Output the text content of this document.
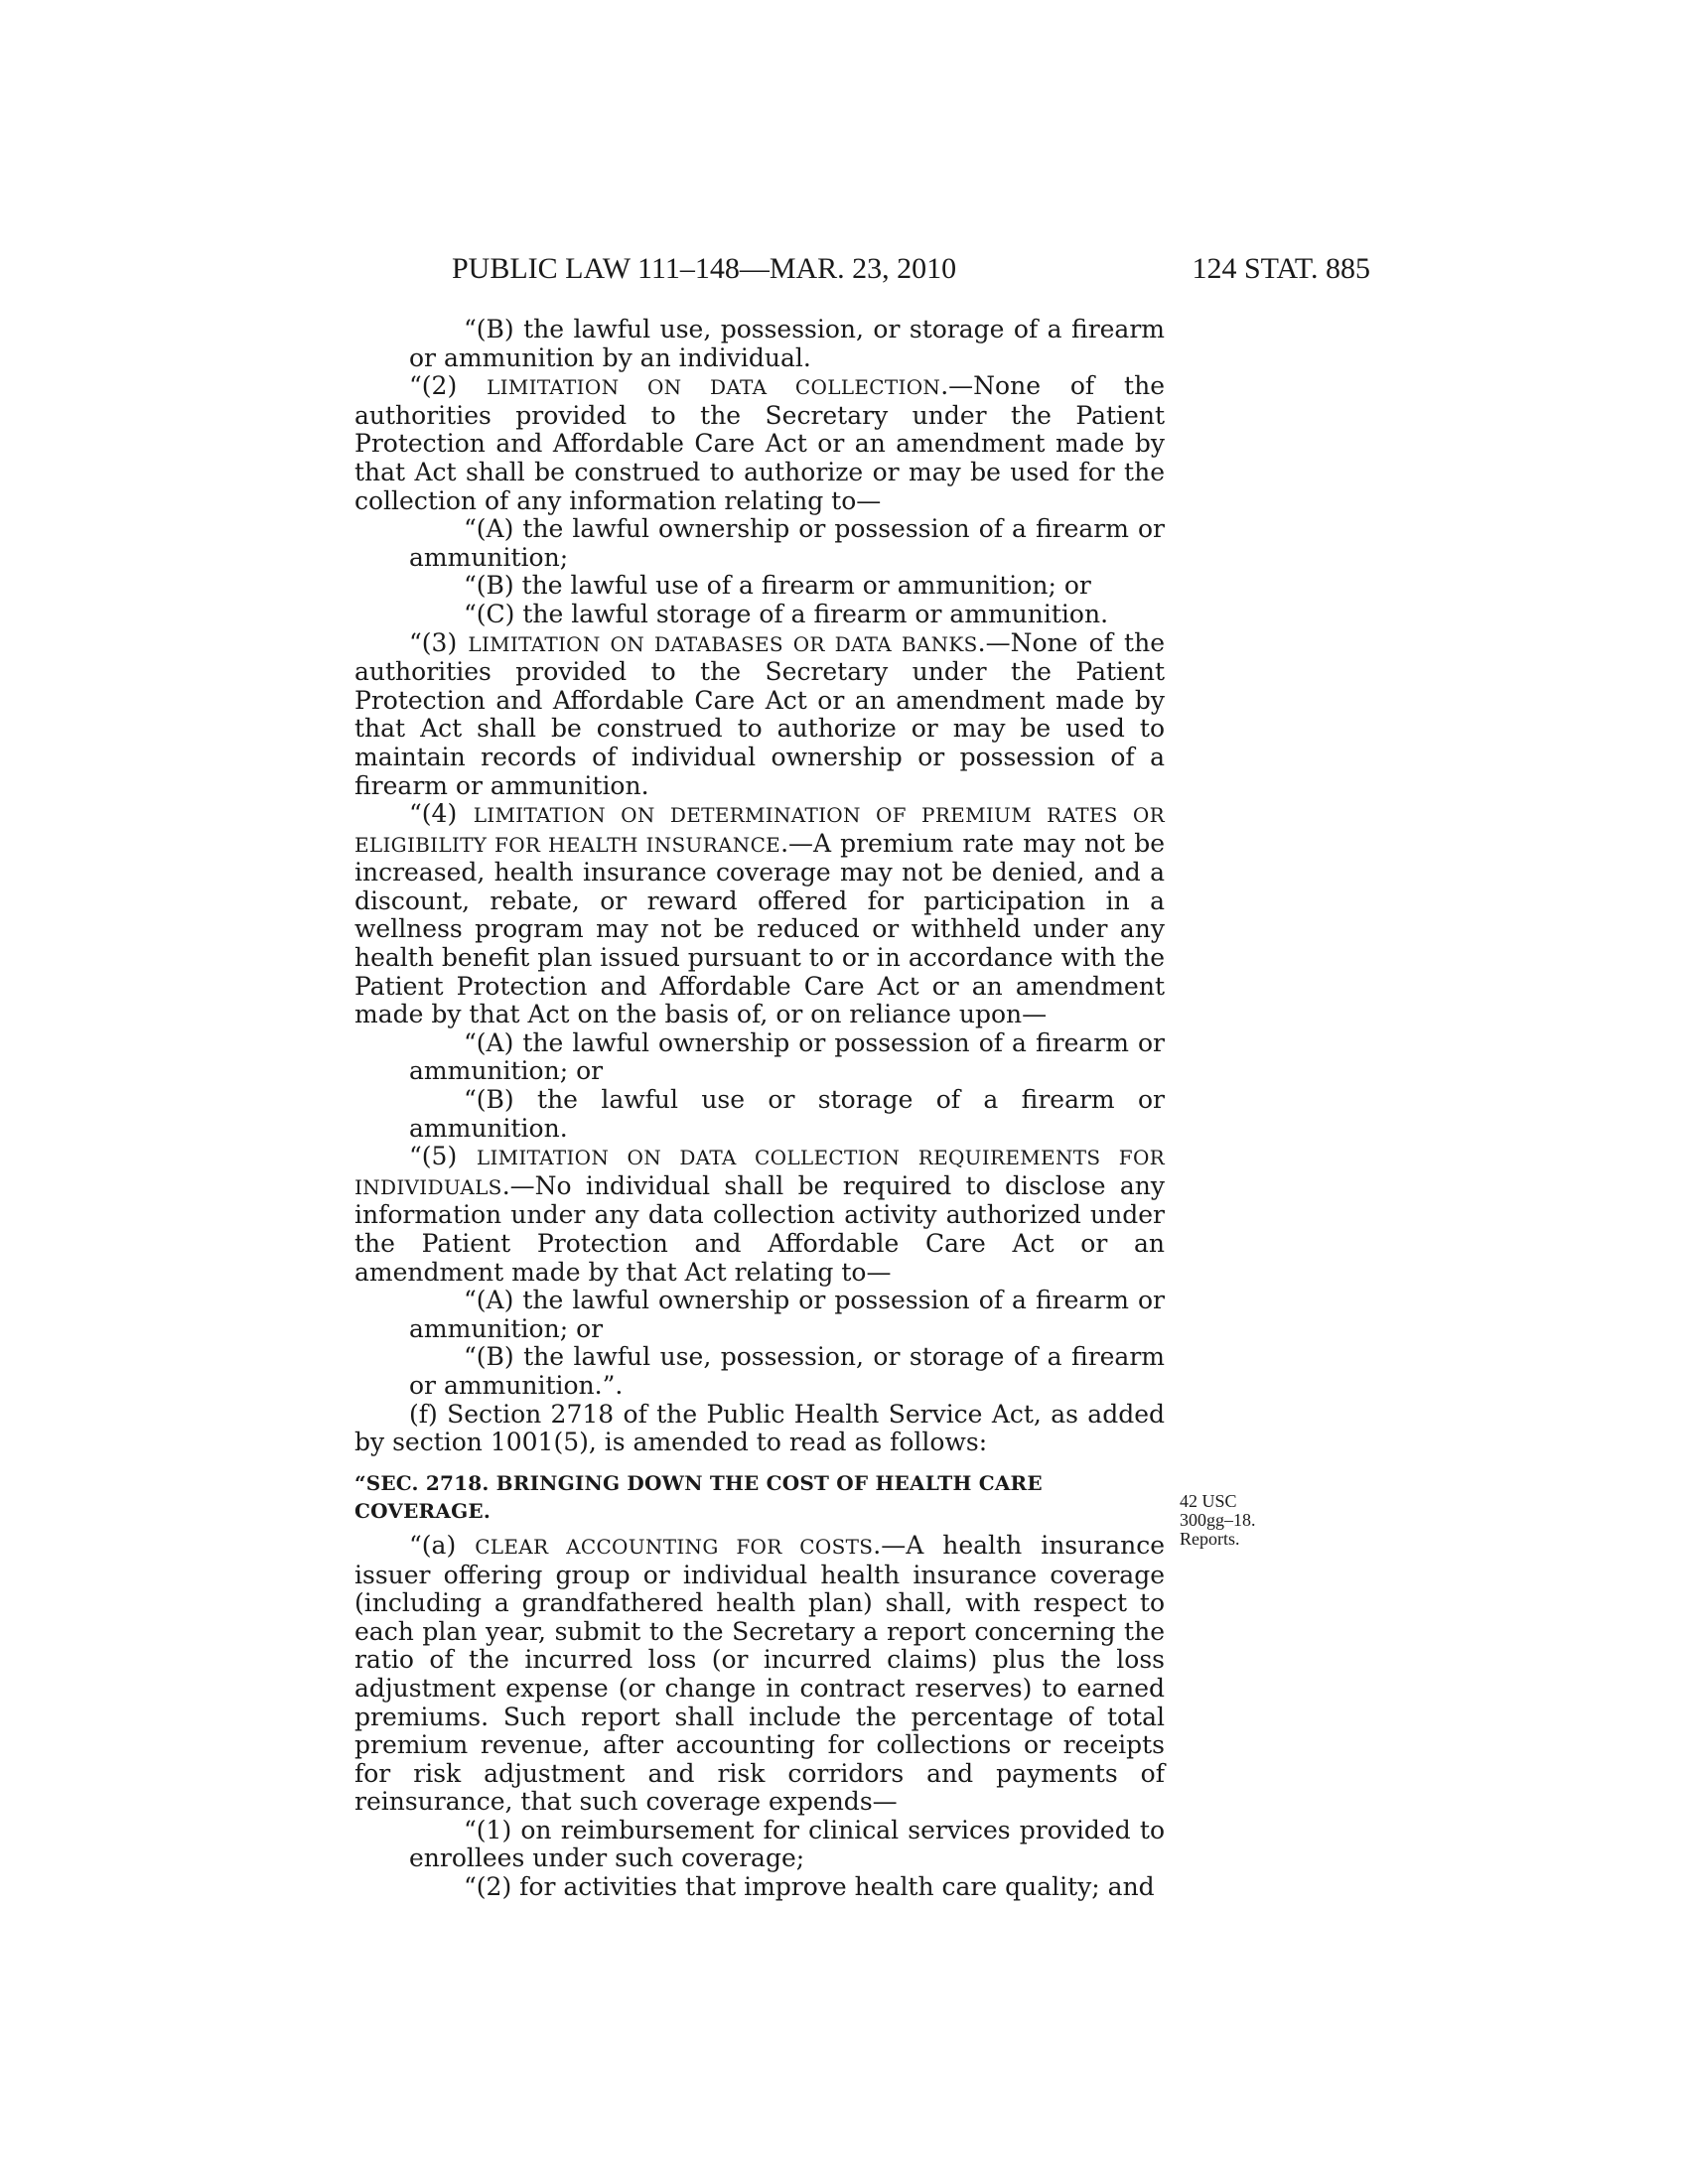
PUBLIC LAW 111–148—MAR. 23, 2010	124 STAT. 885

“(B) the lawful use, possession, or storage of a firearm or ammunition by an individual.

“(2) LIMITATION ON DATA COLLECTION.—None of the authorities provided to the Secretary under the Patient Protection and Affordable Care Act or an amendment made by that Act shall be construed to authorize or may be used for the collection of any information relating to—

“(A) the lawful ownership or possession of a firearm or ammunition;

“(B) the lawful use of a firearm or ammunition; or

“(C) the lawful storage of a firearm or ammunition.

“(3) LIMITATION ON DATABASES OR DATA BANKS.—None of the authorities provided to the Secretary under the Patient Protection and Affordable Care Act or an amendment made by that Act shall be construed to authorize or may be used to maintain records of individual ownership or possession of a firearm or ammunition.

“(4) LIMITATION ON DETERMINATION OF PREMIUM RATES OR ELIGIBILITY FOR HEALTH INSURANCE.—A premium rate may not be increased, health insurance coverage may not be denied, and a discount, rebate, or reward offered for participation in a wellness program may not be reduced or withheld under any health benefit plan issued pursuant to or in accordance with the Patient Protection and Affordable Care Act or an amendment made by that Act on the basis of, or on reliance upon—

“(A) the lawful ownership or possession of a firearm or ammunition; or

“(B) the lawful use or storage of a firearm or ammunition.

“(5) LIMITATION ON DATA COLLECTION REQUIREMENTS FOR INDIVIDUALS.—No individual shall be required to disclose any information under any data collection activity authorized under the Patient Protection and Affordable Care Act or an amendment made by that Act relating to—

“(A) the lawful ownership or possession of a firearm or ammunition; or

“(B) the lawful use, possession, or storage of a firearm or ammunition.”.

(f) Section 2718 of the Public Health Service Act, as added by section 1001(5), is amended to read as follows:

“SEC. 2718. BRINGING DOWN THE COST OF HEALTH CARE COVERAGE.

“(a) CLEAR ACCOUNTING FOR COSTS.—A health insurance issuer offering group or individual health insurance coverage (including a grandfathered health plan) shall, with respect to each plan year, submit to the Secretary a report concerning the ratio of the incurred loss (or incurred claims) plus the loss adjustment expense (or change in contract reserves) to earned premiums. Such report shall include the percentage of total premium revenue, after accounting for collections or receipts for risk adjustment and risk corridors and payments of reinsurance, that such coverage expends—

“(1) on reimbursement for clinical services provided to enrollees under such coverage;

“(2) for activities that improve health care quality; and

42 USC
300gg–18.
Reports.
